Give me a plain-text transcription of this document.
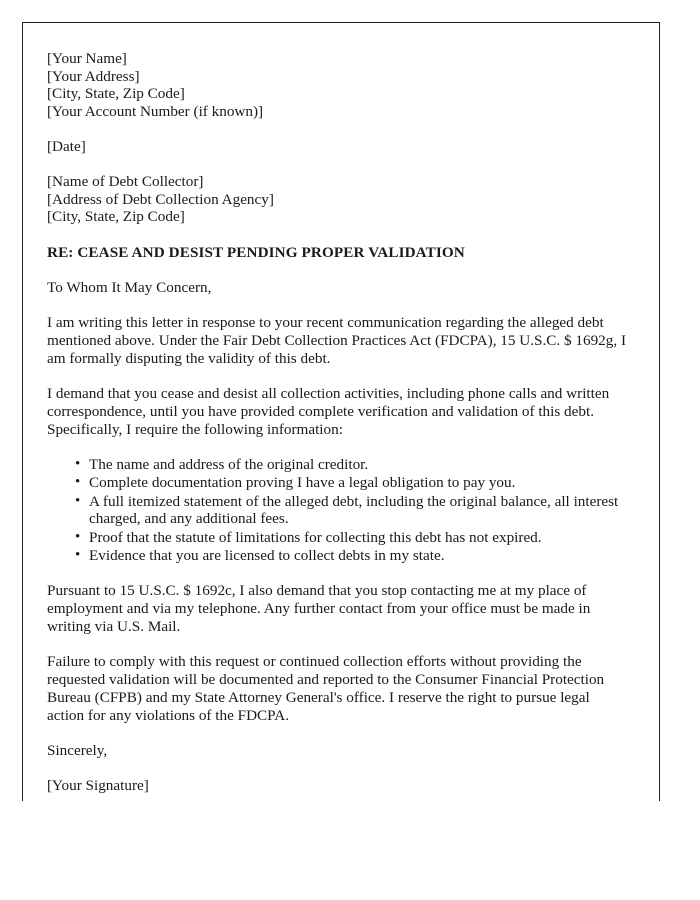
[Your Name]
[Your Address]
[City, State, Zip Code]
[Your Account Number (if known)]
[Date]
[Name of Debt Collector]
[Address of Debt Collection Agency]
[City, State, Zip Code]
RE: CEASE AND DESIST PENDING PROPER VALIDATION
To Whom It May Concern,

I am writing this letter in response to your recent communication regarding the alleged debt mentioned above. Under the Fair Debt Collection Practices Act (FDCPA), 15 U.S.C. $ 1692g, I am formally disputing the validity of this debt.

I demand that you cease and desist all collection activities, including phone calls and written correspondence, until you have provided complete verification and validation of this debt. Specifically, I require the following information:

• The name and address of the original creditor.
• Complete documentation proving I have a legal obligation to pay you.
• A full itemized statement of the alleged debt, including the original balance, all interest charged, and any additional fees.
• Proof that the statute of limitations for collecting this debt has not expired.
• Evidence that you are licensed to collect debts in my state.

Pursuant to 15 U.S.C. $ 1692c, I also demand that you stop contacting me at my place of employment and via my telephone. Any further contact from your office must be made in writing via U.S. Mail.

Failure to comply with this request or continued collection efforts without providing the requested validation will be documented and reported to the Consumer Financial Protection Bureau (CFPB) and my State Attorney General's office. I reserve the right to pursue legal action for any violations of the FDCPA.

Sincerely,
[Your Signature]
